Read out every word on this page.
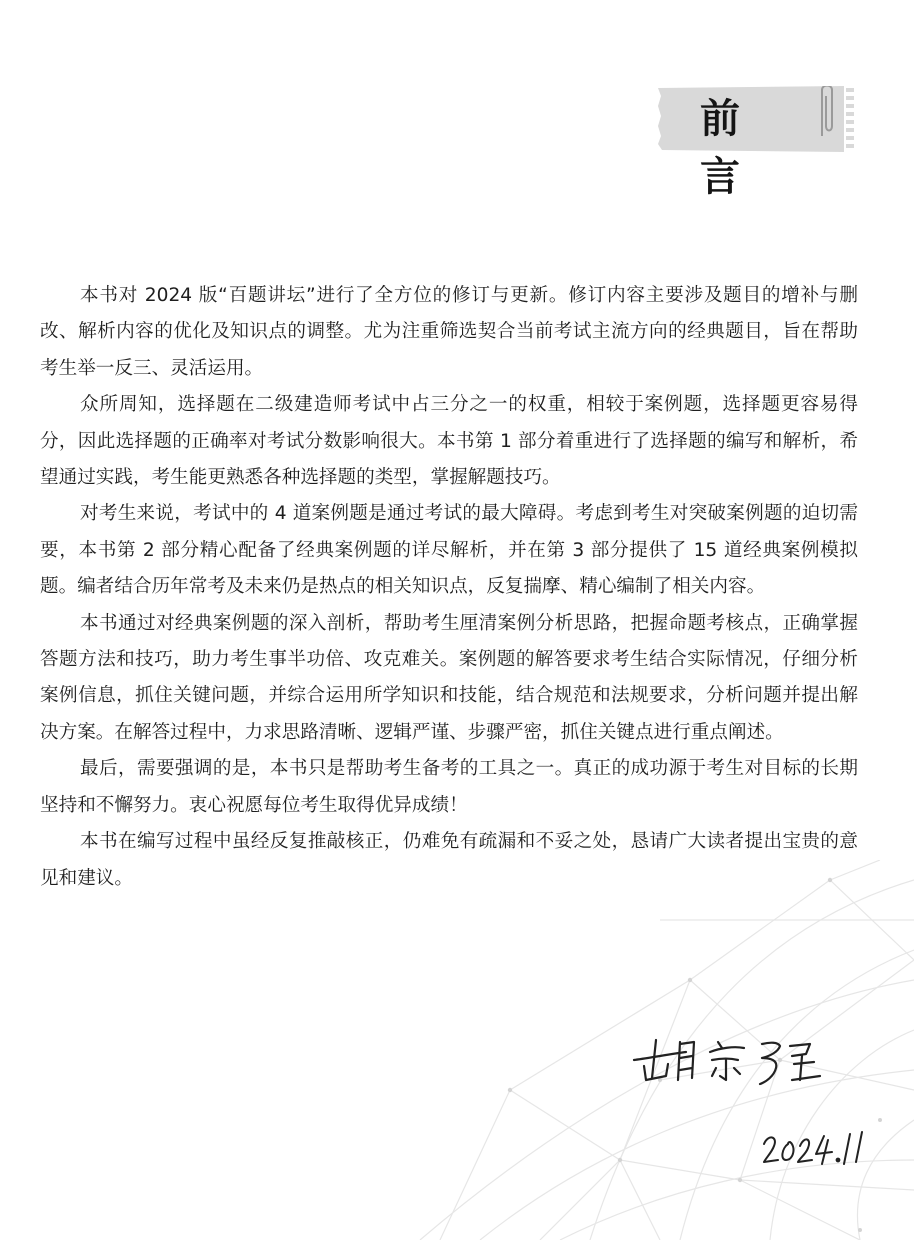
前 言

本书对 2024 版“百题讲坛”进行了全方位的修订与更新。修订内容主要涉及题目的增补与删改、解析内容的优化及知识点的调整。尤为注重筛选契合当前考试主流方向的经典题目，旨在帮助考生举一反三、灵活运用。

众所周知，选择题在二级建造师考试中占三分之一的权重，相较于案例题，选择题更容易得分，因此选择题的正确率对考试分数影响很大。本书第 1 部分着重进行了选择题的编写和解析，希望通过实践，考生能更熟悉各种选择题的类型，掌握解题技巧。

对考生来说，考试中的 4 道案例题是通过考试的最大障碍。考虑到考生对突破案例题的迫切需要，本书第 2 部分精心配备了经典案例题的详尽解析，并在第 3 部分提供了 15 道经典案例模拟题。编者结合历年常考及未来仍是热点的相关知识点，反复揣摩、精心编制了相关内容。

本书通过对经典案例题的深入剖析，帮助考生厘清案例分析思路，把握命题考核点，正确掌握答题方法和技巧，助力考生事半功倍、攻克难关。案例题的解答要求考生结合实际情况，仔细分析案例信息，抓住关键问题，并综合运用所学知识和技能，结合规范和法规要求，分析问题并提出解决方案。在解答过程中，力求思路清晰、逻辑严谨、步骤严密，抓住关键点进行重点阐述。

最后，需要强调的是，本书只是帮助考生备考的工具之一。真正的成功源于考生对目标的长期坚持和不懈努力。衷心祝愿每位考生取得优异成绩！

本书在编写过程中虽经反复推敲核正，仍难免有疏漏和不妥之处，恳请广大读者提出宝贵的意见和建议。
